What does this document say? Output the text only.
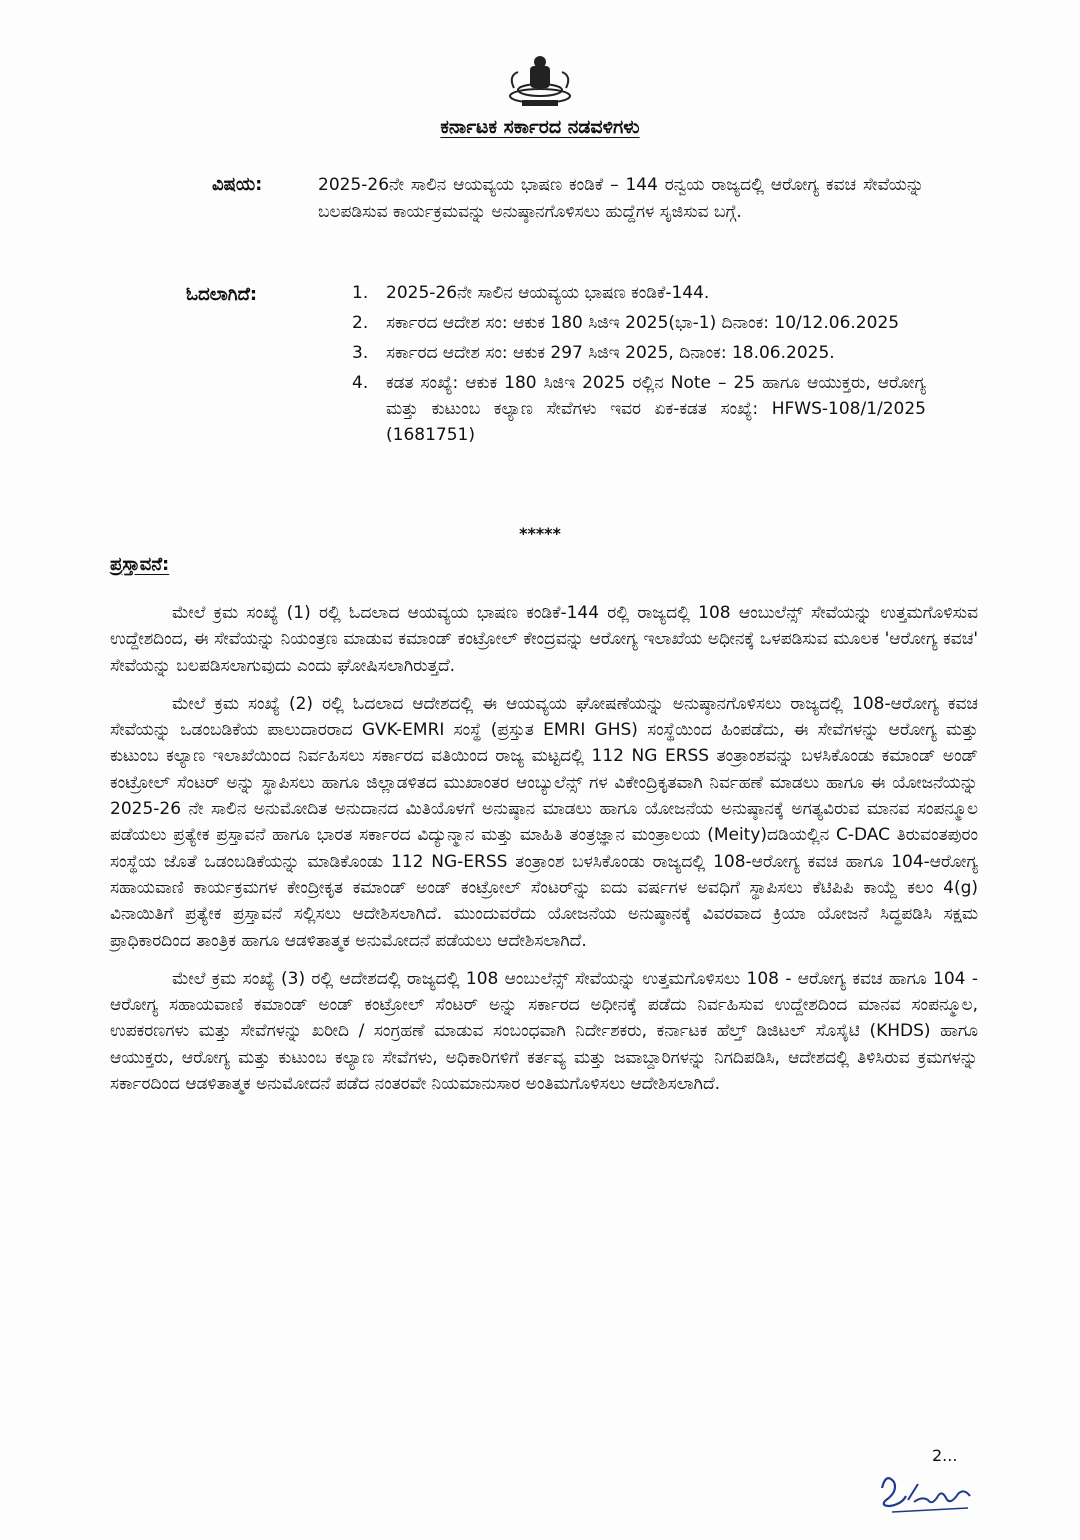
ಕರ್ನಾಟಕ ಸರ್ಕಾರದ ನಡವಳಿಗಳು
ವಿಷಯ:	2025-26ನೇ ಸಾಲಿನ ಆಯವ್ಯಯ ಭಾಷಣ ಕಂಡಿಕೆ – 144 ರನ್ವಯ ರಾಜ್ಯದಲ್ಲಿ ಆರೋಗ್ಯ ಕವಚ ಸೇವೆಯನ್ನು ಬಲಪಡಿಸುವ ಕಾರ್ಯಕ್ರಮವನ್ನು ಅನುಷ್ಠಾನಗೊಳಿಸಲು ಹುದ್ದೆಗಳ ಸೃಜಿಸುವ ಬಗ್ಗೆ.
ಓದಲಾಗಿದೆ:	1.	2025-26ನೇ ಸಾಲಿನ ಆಯವ್ಯಯ ಭಾಷಣ ಕಂಡಿಕೆ-144.
2.	ಸರ್ಕಾರದ ಆದೇಶ ಸಂ: ಆಕುಕ 180 ಸಿಜಿಇ 2025(ಭಾ-1) ದಿನಾಂಕ: 10/12.06.2025
3.	ಸರ್ಕಾರದ ಆದೇಶ ಸಂ: ಆಕುಕ 297 ಸಿಜಿಇ 2025, ದಿನಾಂಕ: 18.06.2025.
4.	ಕಡತ ಸಂಖ್ಯೆ: ಆಕುಕ 180 ಸಿಜಿಇ 2025 ರಲ್ಲಿನ Note – 25 ಹಾಗೂ ಆಯುಕ್ತರು, ಆರೋಗ್ಯ ಮತ್ತು ಕುಟುಂಬ ಕಲ್ಯಾಣ ಸೇವೆಗಳು ಇವರ ಏಕ-ಕಡತ ಸಂಖ್ಯೆ: HFWS-108/1/2025 (1681751)
*****
ಪ್ರಸ್ತಾವನೆ:

ಮೇಲೆ ಕ್ರಮ ಸಂಖ್ಯೆ (1) ರಲ್ಲಿ ಓದಲಾದ ಆಯವ್ಯಯ ಭಾಷಣ ಕಂಡಿಕೆ-144 ರಲ್ಲಿ ರಾಜ್ಯದಲ್ಲಿ 108 ಆಂಬುಲೆನ್ಸ್ ಸೇವೆಯನ್ನು ಉತ್ತಮಗೊಳಿಸುವ ಉದ್ದೇಶದಿಂದ, ಈ ಸೇವೆಯನ್ನು ನಿಯಂತ್ರಣ ಮಾಡುವ ಕಮಾಂಡ್ ಕಂಟ್ರೋಲ್ ಕೇಂದ್ರವನ್ನು ಆರೋಗ್ಯ ಇಲಾಖೆಯ ಅಧೀನಕ್ಕೆ ಒಳಪಡಿಸುವ ಮೂಲಕ 'ಆರೋಗ್ಯ ಕವಚ' ಸೇವೆಯನ್ನು ಬಲಪಡಿಸಲಾಗುವುದು ಎಂದು ಘೋಷಿಸಲಾಗಿರುತ್ತದೆ.

ಮೇಲೆ ಕ್ರಮ ಸಂಖ್ಯೆ (2) ರಲ್ಲಿ ಓದಲಾದ ಆದೇಶದಲ್ಲಿ ಈ ಆಯವ್ಯಯ ಘೋಷಣೆಯನ್ನು ಅನುಷ್ಠಾನಗೊಳಿಸಲು ರಾಜ್ಯದಲ್ಲಿ 108-ಆರೋಗ್ಯ ಕವಚ ಸೇವೆಯನ್ನು ಒಡಂಬಡಿಕೆಯ ಪಾಲುದಾರರಾದ GVK-EMRI ಸಂಸ್ಥೆ (ಪ್ರಸ್ತುತ EMRI GHS) ಸಂಸ್ಥೆಯಿಂದ ಹಿಂಪಡೆದು, ಈ ಸೇವೆಗಳನ್ನು ಆರೋಗ್ಯ ಮತ್ತು ಕುಟುಂಬ ಕಲ್ಯಾಣ ಇಲಾಖೆಯಿಂದ ನಿರ್ವಹಿಸಲು ಸರ್ಕಾರದ ವತಿಯಿಂದ ರಾಜ್ಯ ಮಟ್ಟದಲ್ಲಿ 112 NG ERSS ತಂತ್ರಾಂಶವನ್ನು ಬಳಸಿಕೊಂಡು ಕಮಾಂಡ್ ಅಂಡ್ ಕಂಟ್ರೋಲ್ ಸೆಂಟರ್ ಅನ್ನು ಸ್ಥಾಪಿಸಲು ಹಾಗೂ ಜಿಲ್ಲಾಡಳಿತದ ಮುಖಾಂತರ ಆಂಬ್ಯುಲೆನ್ಸ್ ಗಳ ವಿಕೇಂದ್ರಿಕೃತವಾಗಿ ನಿರ್ವಹಣೆ ಮಾಡಲು ಹಾಗೂ ಈ ಯೋಜನೆಯನ್ನು 2025-26 ನೇ ಸಾಲಿನ ಅನುಮೋದಿತ ಅನುದಾನದ ಮಿತಿಯೊಳಗೆ ಅನುಷ್ಠಾನ ಮಾಡಲು ಹಾಗೂ ಯೋಜನೆಯ ಅನುಷ್ಠಾನಕ್ಕೆ ಅಗತ್ಯವಿರುವ ಮಾನವ ಸಂಪನ್ಮೂಲ ಪಡೆಯಲು ಪ್ರತ್ಯೇಕ ಪ್ರಸ್ತಾವನೆ ಹಾಗೂ ಭಾರತ ಸರ್ಕಾರದ ವಿದ್ಯುನ್ಮಾನ ಮತ್ತು ಮಾಹಿತಿ ತಂತ್ರಜ್ಞಾನ ಮಂತ್ರಾಲಯ (Meity)ದಡಿಯಲ್ಲಿನ C-DAC ತಿರುವಂತಪುರಂ ಸಂಸ್ಥೆಯ ಜೊತೆ ಒಡಂಬಡಿಕೆಯನ್ನು ಮಾಡಿಕೊಂಡು 112 NG-ERSS ತಂತ್ರಾಂಶ ಬಳಸಿಕೊಂಡು ರಾಜ್ಯದಲ್ಲಿ 108-ಆರೋಗ್ಯ ಕವಚ ಹಾಗೂ 104-ಆರೋಗ್ಯ ಸಹಾಯವಾಣಿ ಕಾರ್ಯಕ್ರಮಗಳ ಕೇಂದ್ರೀಕೃತ ಕಮಾಂಡ್ ಅಂಡ್ ಕಂಟ್ರೋಲ್ ಸೆಂಟರ್‌ನ್ನು ಐದು ವರ್ಷಗಳ ಅವಧಿಗೆ ಸ್ಥಾಪಿಸಲು ಕೆಟಿಪಿಪಿ ಕಾಯ್ದೆ ಕಲಂ 4(g) ವಿನಾಯಿತಿಗೆ ಪ್ರತ್ಯೇಕ ಪ್ರಸ್ತಾವನೆ ಸಲ್ಲಿಸಲು ಆದೇಶಿಸಲಾಗಿದೆ. ಮುಂದುವರೆದು ಯೋಜನೆಯ ಅನುಷ್ಠಾನಕ್ಕೆ ವಿವರವಾದ ಕ್ರಿಯಾ ಯೋಜನೆ ಸಿದ್ಧಪಡಿಸಿ ಸಕ್ಷಮ ಪ್ರಾಧಿಕಾರದಿಂದ ತಾಂತ್ರಿಕ ಹಾಗೂ ಆಡಳಿತಾತ್ಮಕ ಅನುಮೋದನೆ ಪಡೆಯಲು ಆದೇಶಿಸಲಾಗಿದೆ.

ಮೇಲೆ ಕ್ರಮ ಸಂಖ್ಯೆ (3) ರಲ್ಲಿ ಆದೇಶದಲ್ಲಿ ರಾಜ್ಯದಲ್ಲಿ 108 ಆಂಬುಲೆನ್ಸ್ ಸೇವೆಯನ್ನು ಉತ್ತಮಗೊಳಿಸಲು 108 - ಆರೋಗ್ಯ ಕವಚ ಹಾಗೂ 104 - ಆರೋಗ್ಯ ಸಹಾಯವಾಣಿ ಕಮಾಂಡ್ ಅಂಡ್ ಕಂಟ್ರೋಲ್ ಸೆಂಟರ್ ಅನ್ನು ಸರ್ಕಾರದ ಅಧೀನಕ್ಕೆ ಪಡೆದು ನಿರ್ವಹಿಸುವ ಉದ್ದೇಶದಿಂದ ಮಾನವ ಸಂಪನ್ಮೂಲ, ಉಪಕರಣಗಳು ಮತ್ತು ಸೇವೆಗಳನ್ನು ಖರೀದಿ / ಸಂಗ್ರಹಣೆ ಮಾಡುವ ಸಂಬಂಧವಾಗಿ ನಿರ್ದೇಶಕರು, ಕರ್ನಾಟಕ ಹೆಲ್ತ್ ಡಿಜಿಟಲ್ ಸೊಸೈಟಿ (KHDS) ಹಾಗೂ ಆಯುಕ್ತರು, ಆರೋಗ್ಯ ಮತ್ತು ಕುಟುಂಬ ಕಲ್ಯಾಣ ಸೇವೆಗಳು, ಅಧಿಕಾರಿಗಳಿಗೆ ಕರ್ತವ್ಯ ಮತ್ತು ಜವಾಬ್ದಾರಿಗಳನ್ನು ನಿಗದಿಪಡಿಸಿ, ಆದೇಶದಲ್ಲಿ ತಿಳಿಸಿರುವ ಕ್ರಮಗಳನ್ನು ಸರ್ಕಾರದಿಂದ ಆಡಳಿತಾತ್ಮಕ ಅನುಮೋದನೆ ಪಡೆದ ನಂತರವೇ ನಿಯಮಾನುಸಾರ ಅಂತಿಮಗೊಳಿಸಲು ಆದೇಶಿಸಲಾಗಿದೆ.

2...
